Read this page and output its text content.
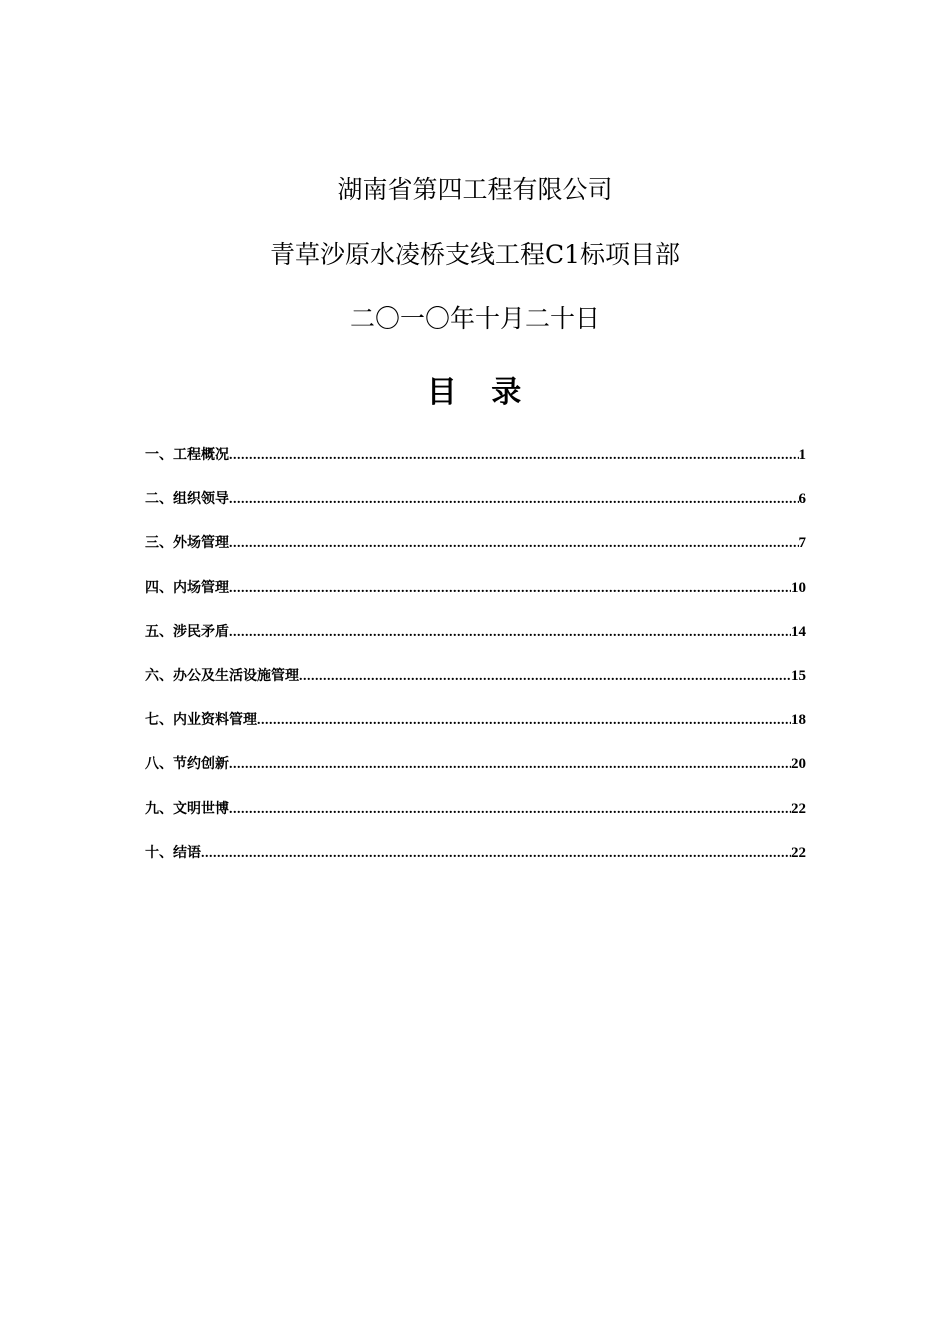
湖南省第四工程有限公司
青草沙原水凌桥支线工程C1标项目部
二〇一〇年十月二十日
目 录
一、工程概况 .....	1
二、组织领导 .....	6
三、外场管理 .....	7
四、内场管理 .....	10
五、涉民矛盾 .....	14
六、办公及生活设施管理 .....	15
七、内业资料管理 .....	18
八、节约创新 .....	20
九、文明世博 .....	22
十、结语 .....	22
